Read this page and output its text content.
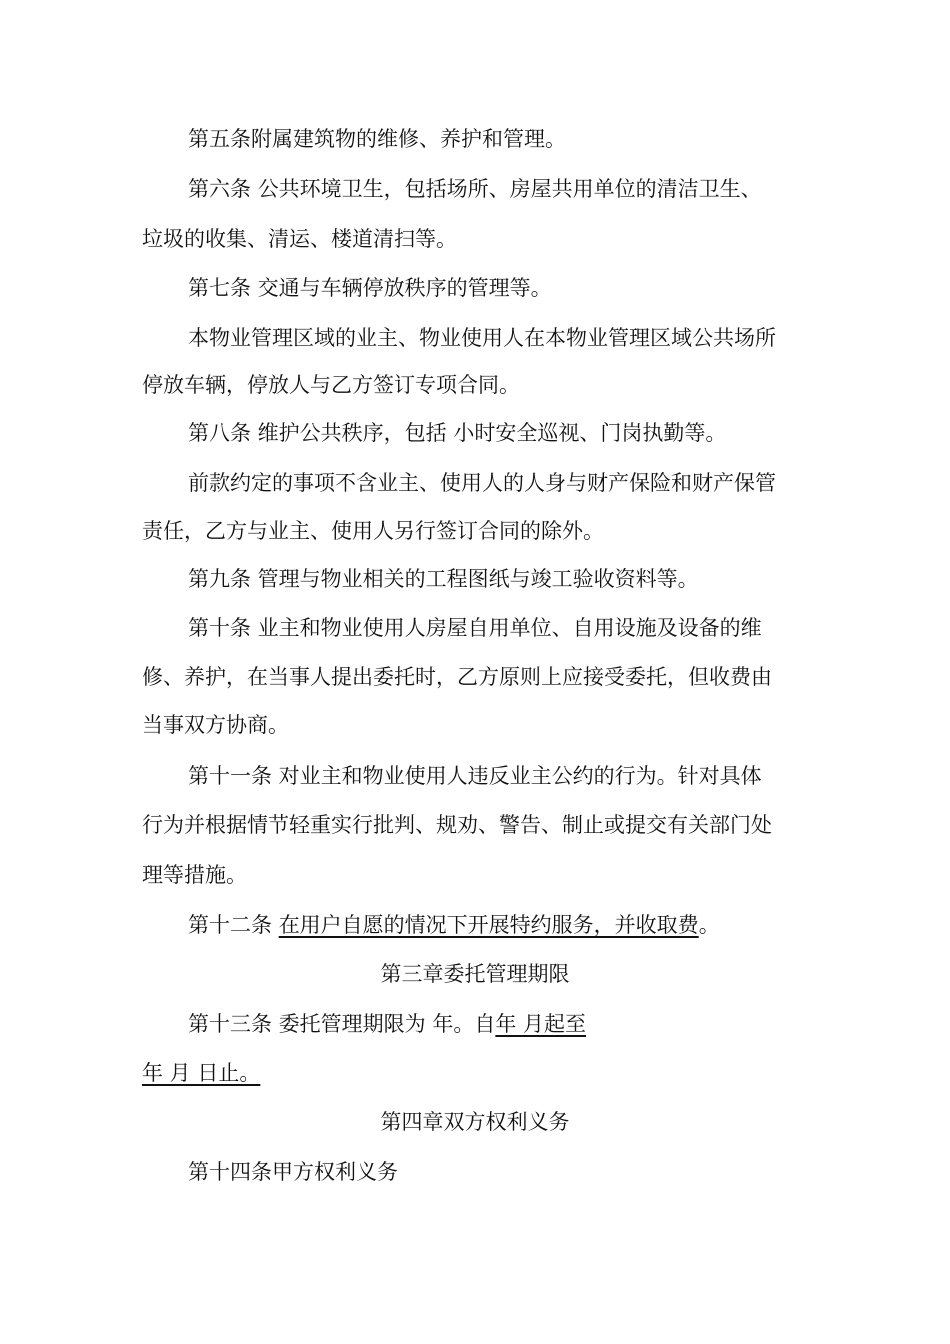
第五条附属建筑物的维修、养护和管理。
第六条 公共环境卫生，包括场所、房屋共用单位的清洁卫生、
垃圾的收集、清运、楼道清扫等。
第七条 交通与车辆停放秩序的管理等。
本物业管理区域的业主、物业使用人在本物业管理区域公共场所
停放车辆，停放人与乙方签订专项合同。
第八条 维护公共秩序，包括 小时安全巡视、门岗执勤等。
前款约定的事项不含业主、使用人的人身与财产保险和财产保管
责任，乙方与业主、使用人另行签订合同的除外。
第九条 管理与物业相关的工程图纸与竣工验收资料等。
第十条 业主和物业使用人房屋自用单位、自用设施及设备的维
修、养护，在当事人提出委托时，乙方原则上应接受委托，但收费由
当事双方协商。
第十一条 对业主和物业使用人违反业主公约的行为。针对具体
行为并根据情节轻重实行批判、规劝、警告、制止或提交有关部门处
理等措施。
第十二条 在用户自愿的情况下开展特约服务，并收取费。
第三章委托管理期限
第十三条 委托管理期限为 年。自年 月起至
年 月 日止。
第四章双方权利义务
第十四条甲方权利义务
